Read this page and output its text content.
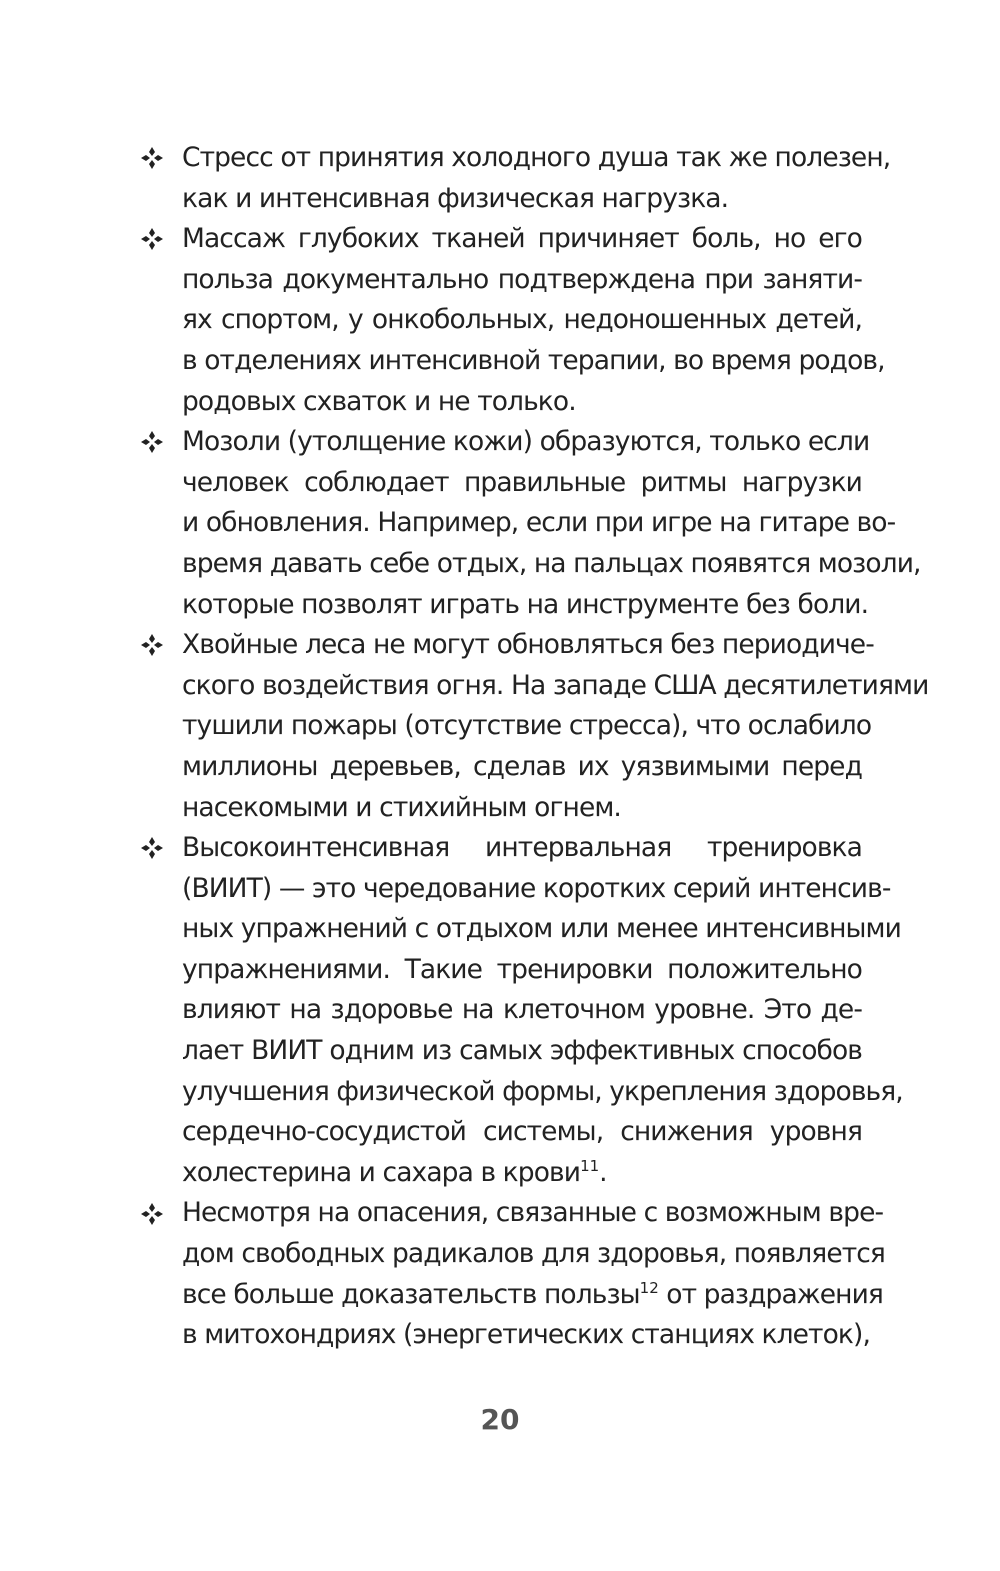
Стресс от принятия холодного душа так же полезен,
как и интенсивная физическая нагрузка.
Массаж глубоких тканей причиняет боль, но его
польза документально подтверждена при заняти-
ях спортом, у онкобольных, недоношенных детей,
в отделениях интенсивной терапии, во время родов,
родовых схваток и не только.
Мозоли (утолщение кожи) образуются, только если
человек соблюдает правильные ритмы нагрузки
и обновления. Например, если при игре на гитаре во-
время давать себе отдых, на пальцах появятся мозоли,
которые позволят играть на инструменте без боли.
Хвойные леса не могут обновляться без периодиче-
ского воздействия огня. На западе США десятилетиями
тушили пожары (отсутствие стресса), что ослабило
миллионы деревьев, сделав их уязвимыми перед
насекомыми и стихийным огнем.
Высокоинтенсивная интервальная тренировка
(ВИИТ) — это чередование коротких серий интенсив-
ных упражнений с отдыхом или менее интенсивными
упражнениями. Такие тренировки положительно
влияют на здоровье на клеточном уровне. Это де-
лает ВИИТ одним из самых эффективных способов
улучшения физической формы, укрепления здоровья,
сердечно-сосудистой системы, снижения уровня
холестерина и сахара в крови$^{11}$.
Несмотря на опасения, связанные с возможным вре-
дом свободных радикалов для здоровья, появляется
все больше доказательств пользы$^{12}$ от раздражения
в митохондриях (энергетических станциях клеток),
20
